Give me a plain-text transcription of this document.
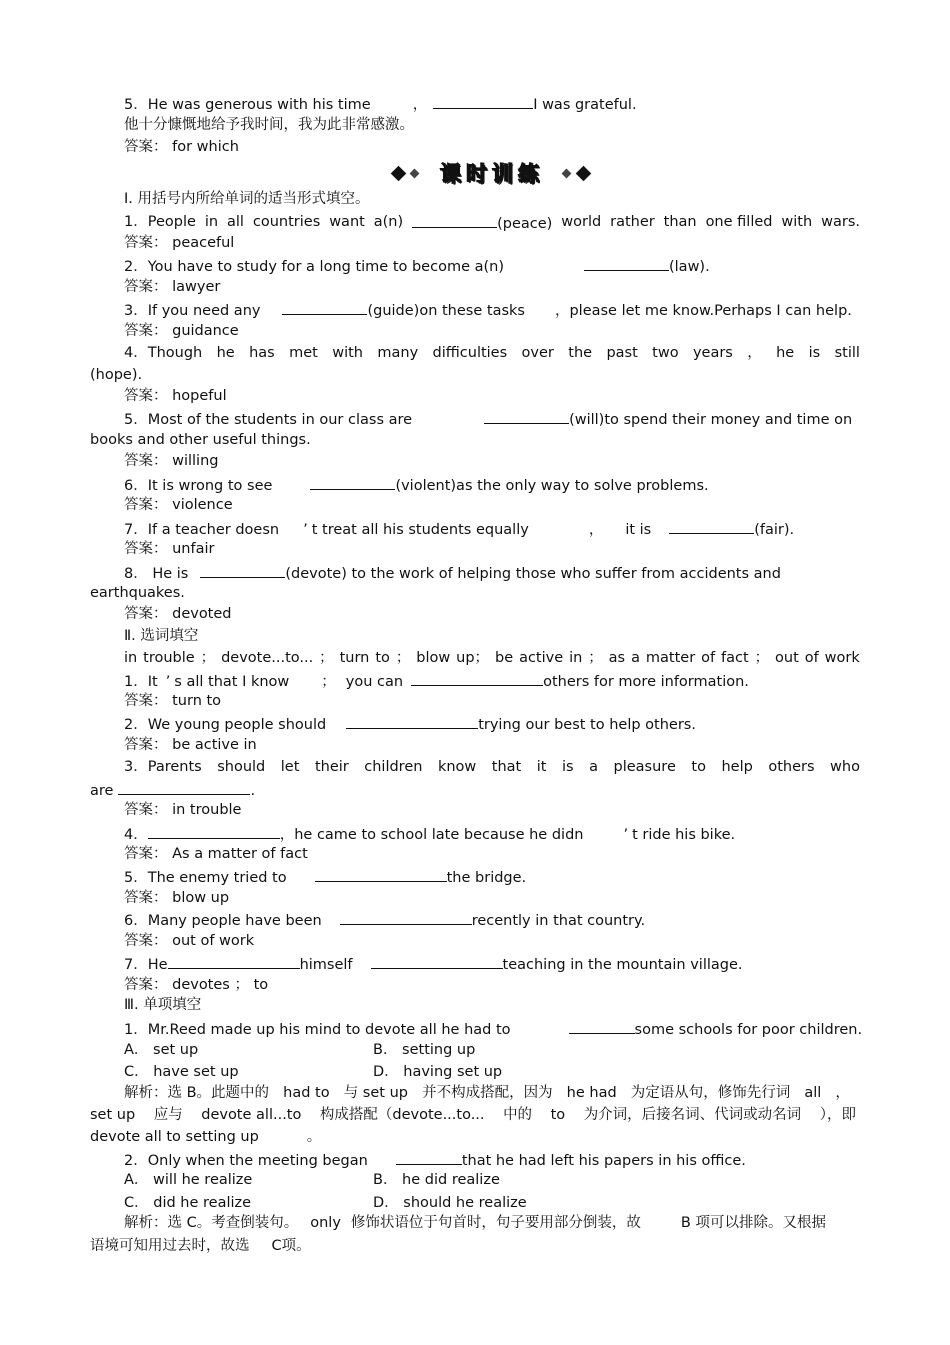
5．He was generous with his time	，	I was grateful.
他十分慷慨地给予我时间，我为此非常感激。
答案： for which
课时训练
Ⅰ. 用括号内所给单词的适当形式填空。
1．People in all countries want a(n)	(peace) world rather than one filled with wars.
答案： peaceful
2．You have to study for a long time to become a(n)	(law).
答案： lawyer
3．If you need any	(guide)on these tasks ，please let me know.Perhaps I can help.
答案： guidance
4．Though he has met with many difficulties over the past two years ， he is still
(hope).
答案： hopeful
5．Most of the students in our class are	(will)to spend their money and time on
books and other useful things.
答案： willing
6．It is wrong to see	(violent)as the only way to solve problems.
答案： violence
7．If a teacher doesn ’ t treat all his students equally	， it is	(fair).
答案： unfair
8． He is	(devote) to the work of helping those who suffer from accidents and
earthquakes.
答案： devoted
Ⅱ. 选词填空
in trouble ； devote...to... ； turn to ； blow up； be active in ； as a matter of fact ； out of work
1．It ’ s all that I know ； you can	others for more information.
答案： turn to
2．We young people should	trying our best to help others.
答案： be active in
3．Parents should let their children know that it is a pleasure to help others who
are	.
答案： in trouble
4．	，he came to school late because he didn	’ t ride his bike.
答案： As a matter of fact
5．The enemy tried to	the bridge.
答案： blow up
6．Many people have been	recently in that country.
答案： out of work
7．He	himself	teaching in the mountain village.
答案： devotes ； to
Ⅲ. 单项填空
1．Mr.Reed made up his mind to devote all he had to	some schools for poor children.
A． set up	B． setting up
C． have set up	D． having set up
解析：选 B。此题中的 had to 与 set up 并不构成搭配，因为 he had 为定语从句，修饰先行词 all ，
set up 应与 devote all...to 构成搭配（devote...to... 中的 to 为介词，后接名词、代词或动名词 ），即
devote all to setting up	。
2．Only when the meeting began	that he had left his papers in his office.
A． will he realize	B． he did realize
C． did he realize	D． should he realize
解析：选 C。考查倒装句。 only 修饰状语位于句首时，句子要用部分倒装，故	B 项可以排除。又根据
语境可知用过去时，故选 C项。
